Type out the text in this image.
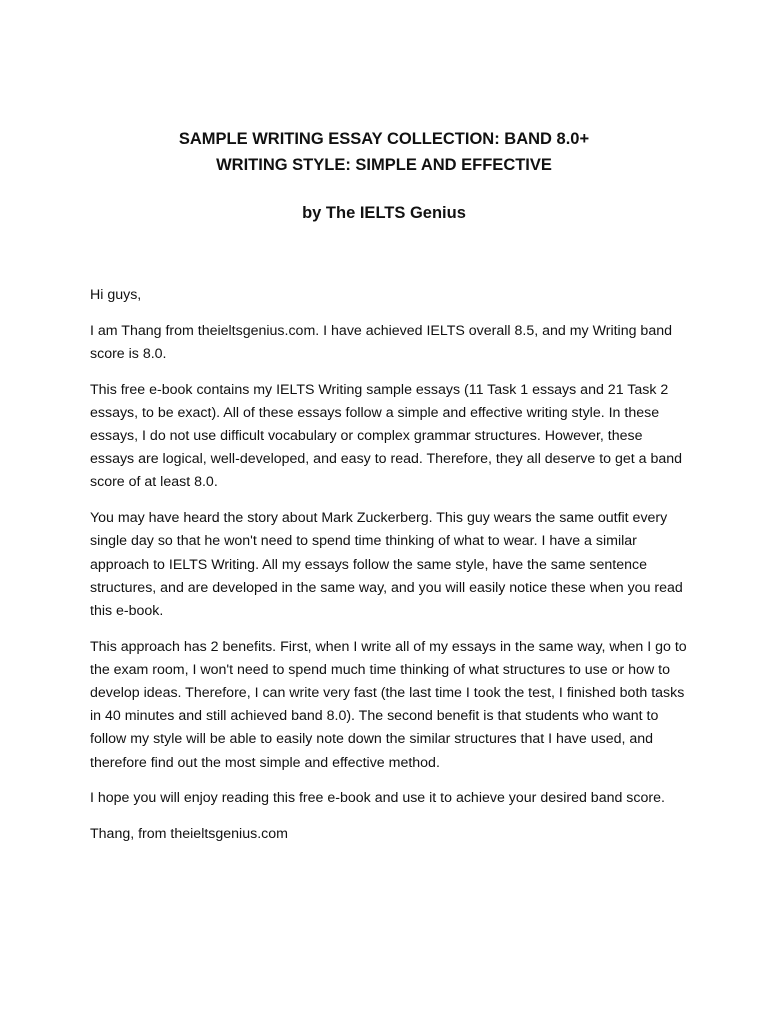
SAMPLE WRITING ESSAY COLLECTION: BAND 8.0+
WRITING STYLE: SIMPLE AND EFFECTIVE
by The IELTS Genius

Hi guys,

I am Thang from theieltsgenius.com. I have achieved IELTS overall 8.5, and my Writing band score is 8.0.

This free e-book contains my IELTS Writing sample essays (11 Task 1 essays and 21 Task 2 essays, to be exact). All of these essays follow a simple and effective writing style. In these essays, I do not use difficult vocabulary or complex grammar structures. However, these essays are logical, well-developed, and easy to read. Therefore, they all deserve to get a band score of at least 8.0.

You may have heard the story about Mark Zuckerberg. This guy wears the same outfit every single day so that he won't need to spend time thinking of what to wear. I have a similar approach to IELTS Writing. All my essays follow the same style, have the same sentence structures, and are developed in the same way, and you will easily notice these when you read this e-book.

This approach has 2 benefits. First, when I write all of my essays in the same way, when I go to the exam room, I won't need to spend much time thinking of what structures to use or how to develop ideas. Therefore, I can write very fast (the last time I took the test, I finished both tasks in 40 minutes and still achieved band 8.0). The second benefit is that students who want to follow my style will be able to easily note down the similar structures that I have used, and therefore find out the most simple and effective method.

I hope you will enjoy reading this free e-book and use it to achieve your desired band score.

Thang, from theieltsgenius.com
